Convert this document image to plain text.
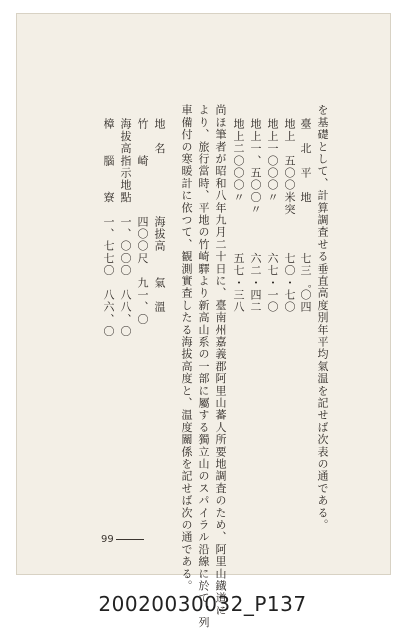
を基礎として、計算調査せる垂直高度別年平均氣温を記せば次表の通である。
臺　北　平　地　　　　七三゜〇四
地上　五〇〇米突　　　七〇・七〇
地上一〇〇〇〃　　　　六七・一〇
地上一、五〇〇〃　　　六二・四二
地上二〇〇〇〃　　　　五七・三八
尚ほ筆者が昭和八年九月二十日に、臺南州嘉義郡阿里山蕃人所要地調査のため、阿里山鐡道に
より、旅行當時、平地の竹崎驛より新高山系の一部に屬する獨立山のスパイラル沿線に於て、列
車備付の寒暖計に依つて、観測實査したる海拔高度と、温度關係を記せば次の通である。
地　名　　　　　海拔高　　氣　溫
竹　　崎　　　　四〇〇尺　九一、〇
海拔高指示地點　一、〇〇〇　八八、〇
樟　　腦　　寮　一、七七〇　八六、〇
99
20020030032_P137
